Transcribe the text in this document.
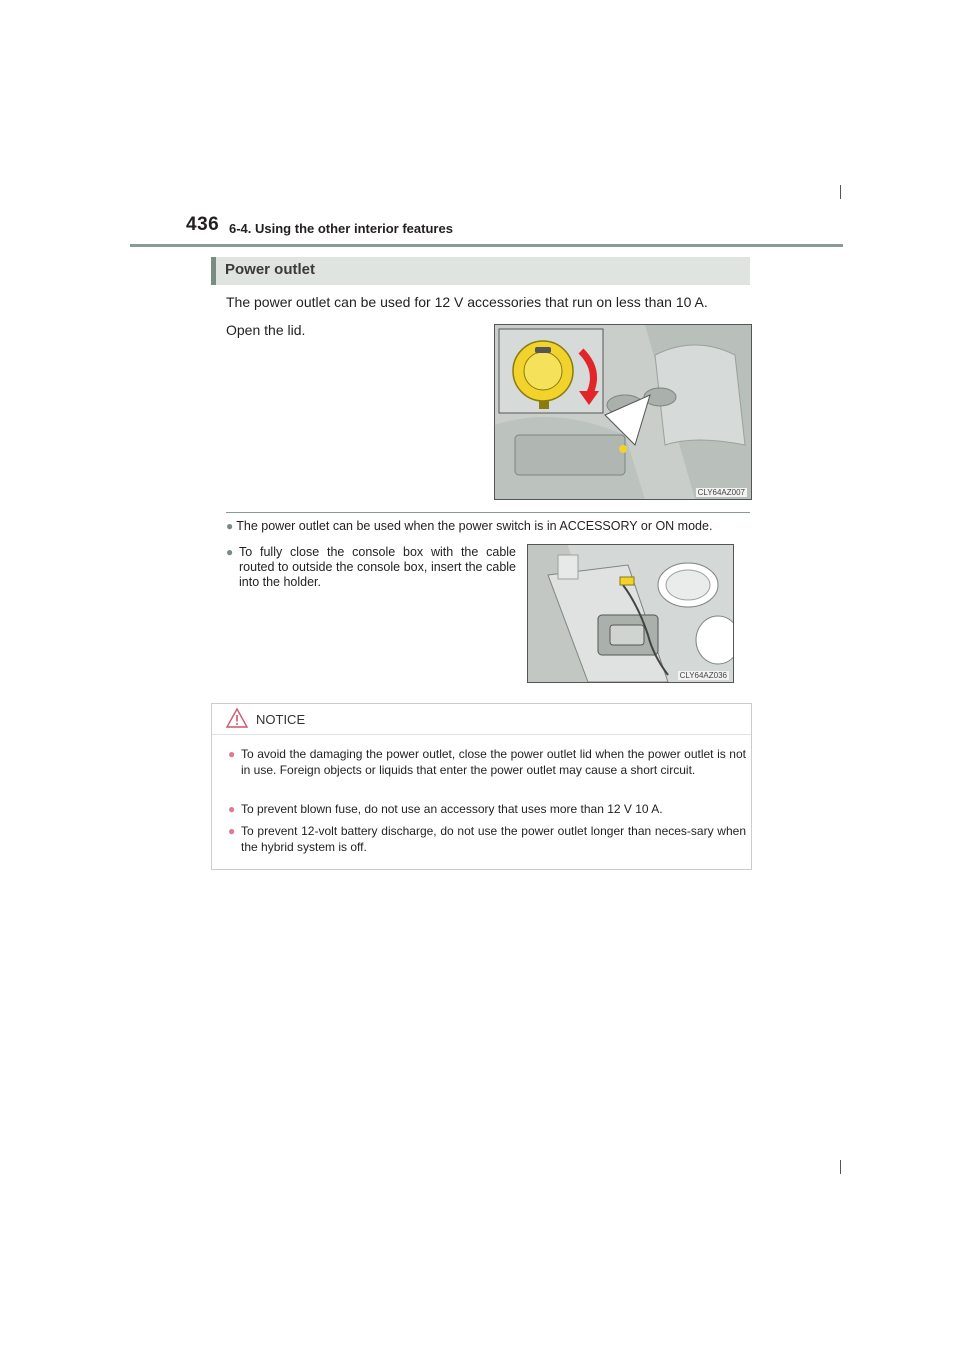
436 6-4. Using the other interior features
Power outlet
The power outlet can be used for 12 V accessories that run on less than 10 A.
Open the lid.
CLY64AZ007
● The power outlet can be used when the power switch is in ACCESSORY or ON mode.
● To fully close the console box with the cable routed to outside the console box, insert the cable into the holder.
CLY64AZ036
NOTICE
● To avoid the damaging the power outlet, close the power outlet lid when the power outlet is not in use. Foreign objects or liquids that enter the power outlet may cause a short circuit.
● To prevent blown fuse, do not use an accessory that uses more than 12 V 10 A.
● To prevent 12-volt battery discharge, do not use the power outlet longer than neces-sary when the hybrid system is off.
